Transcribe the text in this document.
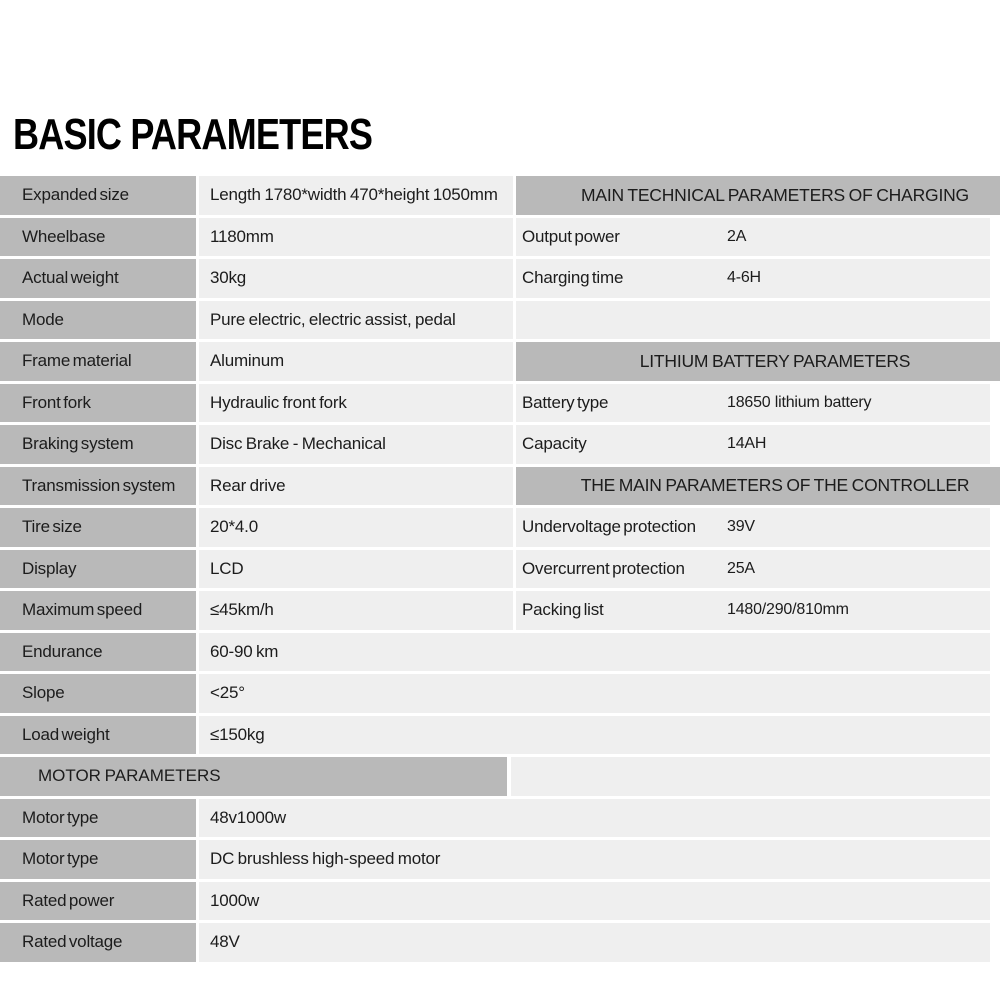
BASIC PARAMETERS
Expanded size	Length 1780*width 470*height 1050mm	MAIN TECHNICAL PARAMETERS OF CHARGING
Wheelbase	1180mm	Output power	2A
Actual weight	30kg	Charging time	4-6H
Mode	Pure electric, electric assist, pedal
Frame material	Aluminum	LITHIUM BATTERY PARAMETERS
Front fork	Hydraulic front fork	Battery type	18650 lithium battery
Braking system	Disc Brake - Mechanical	Capacity	14AH
Transmission system	Rear drive	THE MAIN PARAMETERS OF THE CONTROLLER
Tire size	20*4.0	Undervoltage protection 39V
Display	LCD	Overcurrent protection	25A
Maximum speed	≤45km/h	Packing list	1480/290/810mm
Endurance	60-90 km
Slope	<25°
Load weight	≤150kg
MOTOR PARAMETERS
Motor type	48v1000w
Motor type	DC brushless high-speed motor
Rated power	1000w
Rated voltage	48V
